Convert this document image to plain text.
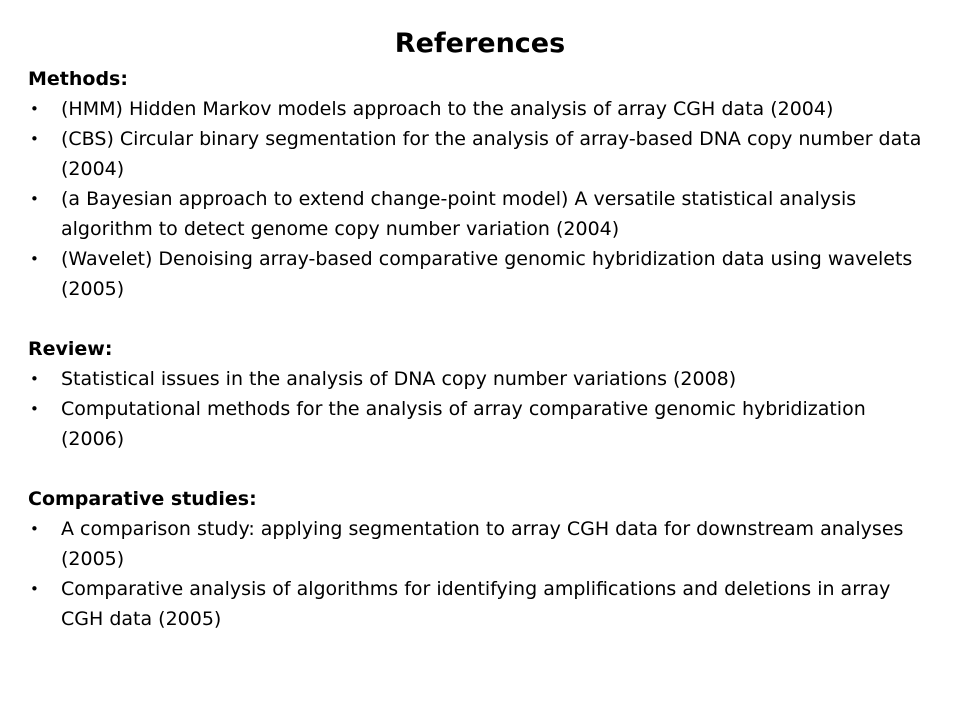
References

Methods:

• (HMM) Hidden Markov models approach to the analysis of array CGH data (2004)
• (CBS) Circular binary segmentation for the analysis of array-based DNA copy number data (2004)
• (a Bayesian approach to extend change-point model) A versatile statistical analysis algorithm to detect genome copy number variation (2004)
• (Wavelet) Denoising array-based comparative genomic hybridization data using wavelets (2005)

Review:

• Statistical issues in the analysis of DNA copy number variations (2008)
• Computational methods for the analysis of array comparative genomic hybridization (2006)

Comparative studies:

• A comparison study: applying segmentation to array CGH data for downstream analyses (2005)
• Comparative analysis of algorithms for identifying amplifications and deletions in array CGH data (2005)
